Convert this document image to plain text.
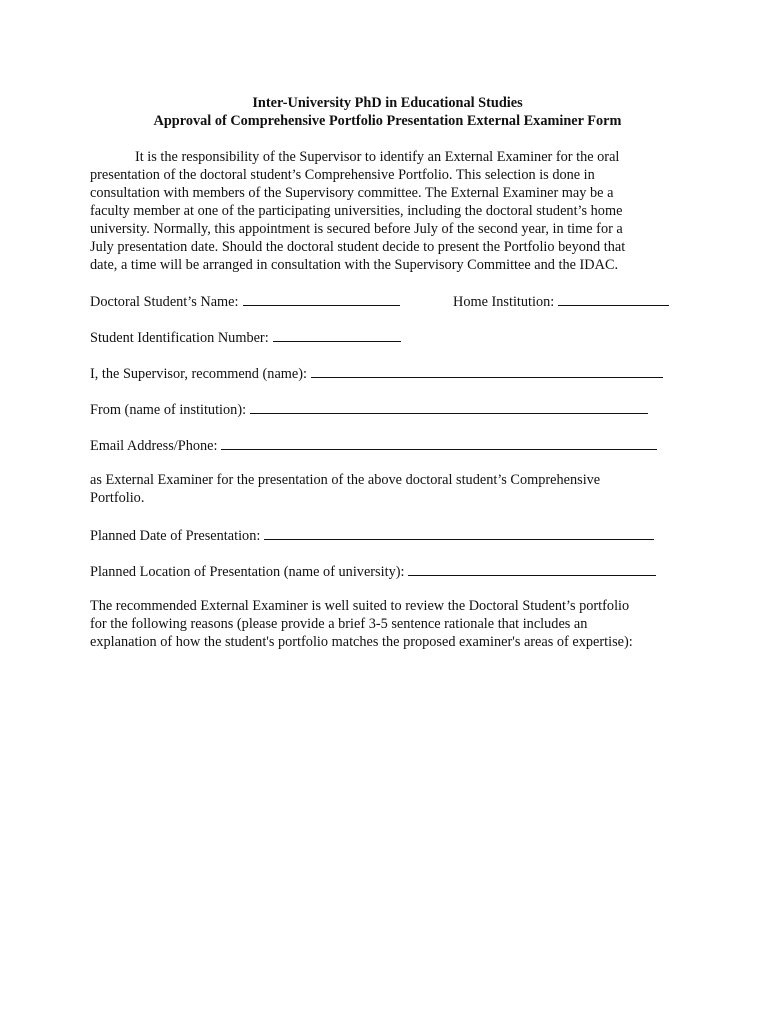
Inter-University PhD in Educational Studies

Approval of Comprehensive Portfolio Presentation External Examiner Form

It is the responsibility of the Supervisor to identify an External Examiner for the oral
presentation of the doctoral student’s Comprehensive Portfolio. This selection is done in
consultation with members of the Supervisory committee. The External Examiner may be a
faculty member at one of the participating universities, including the doctoral student’s home
university. Normally, this appointment is secured before July of the second year, in time for a
July presentation date. Should the doctoral student decide to present the Portfolio beyond that
date, a time will be arranged in consultation with the Supervisory Committee and the IDAC.
Doctoral Student’s Name:	Home Institution:
Student Identification Number:
I, the Supervisor, recommend (name):
From (name of institution):
Email Address/Phone:
as External Examiner for the presentation of the above doctoral student’s Comprehensive
Portfolio.
Planned Date of Presentation:
Planned Location of Presentation (name of university):
The recommended External Examiner is well suited to review the Doctoral Student’s portfolio
for the following reasons (please provide a brief 3-5 sentence rationale that includes an
explanation of how the student's portfolio matches the proposed examiner's areas of expertise):
